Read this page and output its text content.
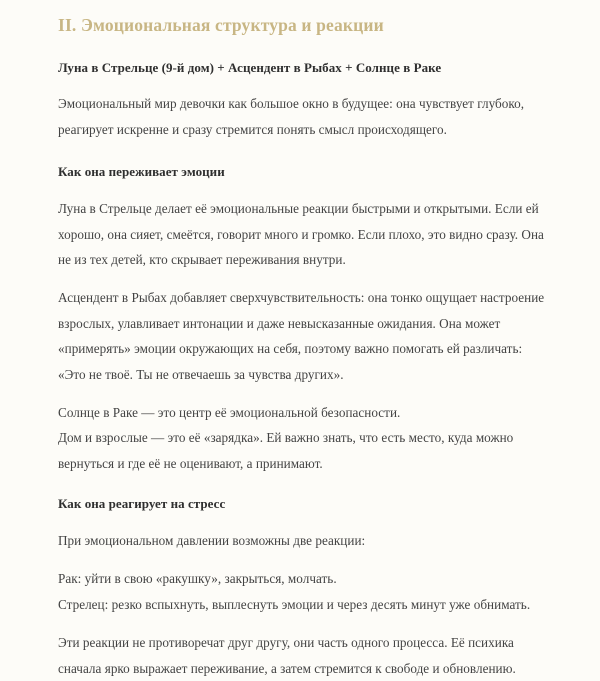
II. Эмоциональная структура и реакции
Луна в Стрельце (9-й дом) + Асцендент в Рыбах + Солнце в Раке

Эмоциональный мир девочки как большое окно в будущее: она чувствует глубоко, реагирует искренне и сразу стремится понять смысл происходящего.

Как она переживает эмоции

Луна в Стрельце делает её эмоциональные реакции быстрыми и открытыми. Если ей хорошо, она сияет, смеётся, говорит много и громко. Если плохо, это видно сразу. Она не из тех детей, кто скрывает переживания внутри.

Асцендент в Рыбах добавляет сверхчувствительность: она тонко ощущает настроение взрослых, улавливает интонации и даже невысказанные ожидания. Она может «примерять» эмоции окружающих на себя, поэтому важно помогать ей различать: «Это не твоё. Ты не отвечаешь за чувства других».

Солнце в Раке — это центр её эмоциональной безопасности.
Дом и взрослые — это её «зарядка». Ей важно знать, что есть место, куда можно вернуться и где её не оценивают, а принимают.

Как она реагирует на стресс

При эмоциональном давлении возможны две реакции:

Рак: уйти в свою «ракушку», закрыться, молчать.
Стрелец: резко вспыхнуть, выплеснуть эмоции и через десять минут уже обнимать.

Эти реакции не противоречат друг другу, они часть одного процесса. Её психика сначала ярко выражает переживание, а затем стремится к свободе и обновлению.
